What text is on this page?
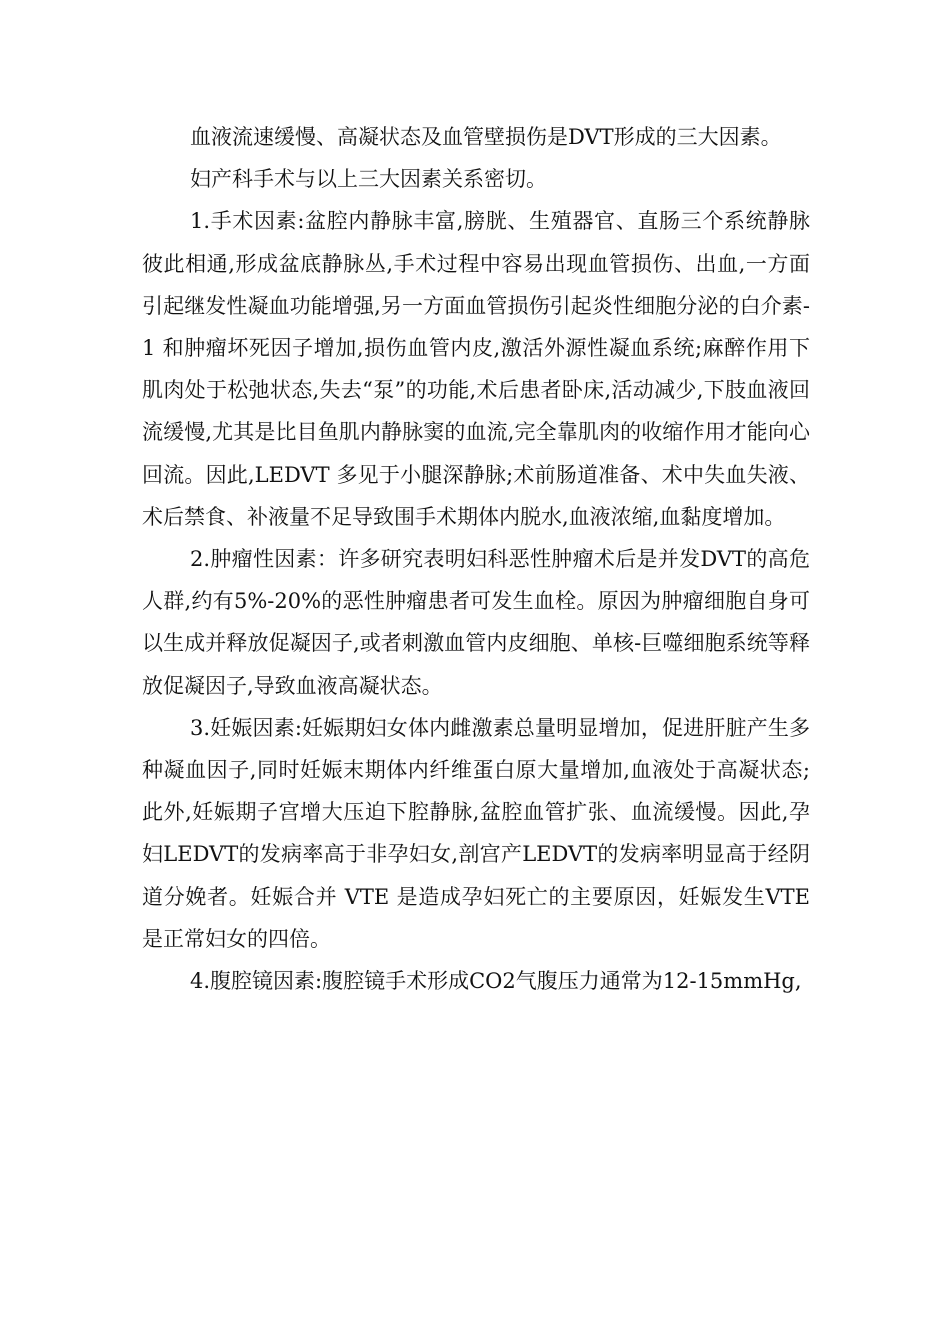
血液流速缓慢、高凝状态及血管壁损伤是DVT形成的三大因素。

妇产科手术与以上三大因素关系密切。

1.手术因素:盆腔内静脉丰富,膀胱、生殖器官、直肠三个系统静脉彼此相通,形成盆底静脉丛,手术过程中容易出现血管损伤、出血,一方面引起继发性凝血功能增强,另一方面血管损伤引起炎性细胞分泌的白介素-1 和肿瘤坏死因子增加,损伤血管内皮,激活外源性凝血系统;麻醉作用下肌肉处于松弛状态,失去“泵”的功能,术后患者卧床,活动减少,下肢血液回流缓慢,尤其是比目鱼肌内静脉窦的血流,完全靠肌肉的收缩作用才能向心回流。因此,LEDVT 多见于小腿深静脉;术前肠道准备、术中失血失液、术后禁食、补液量不足导致围手术期体内脱水,血液浓缩,血黏度增加。

2.肿瘤性因素：许多研究表明妇科恶性肿瘤术后是并发DVT的高危人群,约有5%-20%的恶性肿瘤患者可发生血栓。原因为肿瘤细胞自身可以生成并释放促凝因子,或者刺激血管内皮细胞、单核-巨噬细胞系统等释放促凝因子,导致血液高凝状态。

3.妊娠因素:妊娠期妇女体内雌激素总量明显增加，促进肝脏产生多种凝血因子,同时妊娠末期体内纤维蛋白原大量增加,血液处于高凝状态;此外,妊娠期子宫增大压迫下腔静脉,盆腔血管扩张、血流缓慢。因此,孕妇LEDVT的发病率高于非孕妇女,剖宫产LEDVT的发病率明显高于经阴道分娩者。妊娠合并 VTE 是造成孕妇死亡的主要原因，妊娠发生VTE是正常妇女的四倍。

4.腹腔镜因素:腹腔镜手术形成CO2气腹压力通常为12-15mmHg,
